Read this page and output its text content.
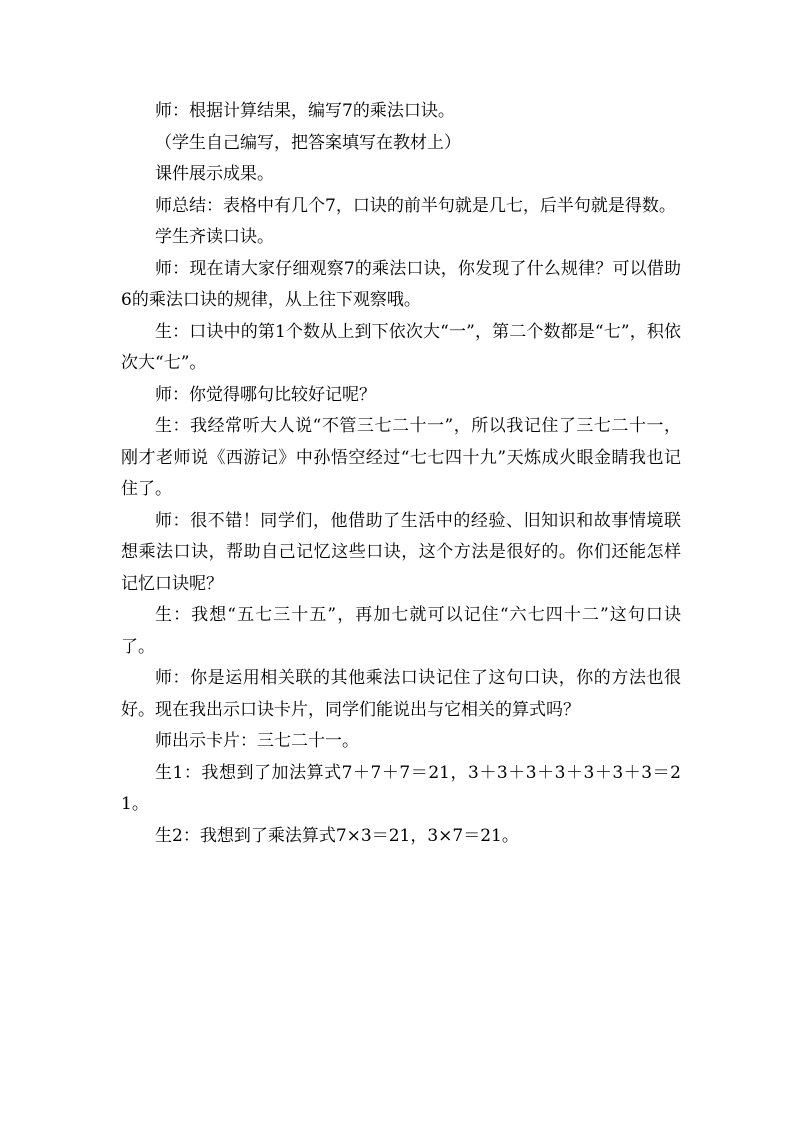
师：根据计算结果，编写7的乘法口诀。

（学生自己编写，把答案填写在教材上）

课件展示成果。

师总结：表格中有几个7，口诀的前半句就是几七，后半句就是得数。

学生齐读口诀。

师：现在请大家仔细观察7的乘法口诀，你发现了什么规律？可以借助6的乘法口诀的规律，从上往下观察哦。

生：口诀中的第1个数从上到下依次大“一”，第二个数都是“七”，积依次大“七”。

师：你觉得哪句比较好记呢？

生：我经常听大人说“不管三七二十一”，所以我记住了三七二十一，刚才老师说《西游记》中孙悟空经过“七七四十九”天炼成火眼金睛我也记住了。

师：很不错！同学们，他借助了生活中的经验、旧知识和故事情境联想乘法口诀，帮助自己记忆这些口诀，这个方法是很好的。你们还能怎样记忆口诀呢？

生：我想“五七三十五”，再加七就可以记住“六七四十二”这句口诀了。

师：你是运用相关联的其他乘法口诀记住了这句口诀，你的方法也很好。现在我出示口诀卡片，同学们能说出与它相关的算式吗？

师出示卡片：三七二十一。

生1：我想到了加法算式7＋7＋7＝21，3＋3＋3＋3＋3＋3＋3＝21。

生2：我想到了乘法算式7×3＝21，3×7＝21。
